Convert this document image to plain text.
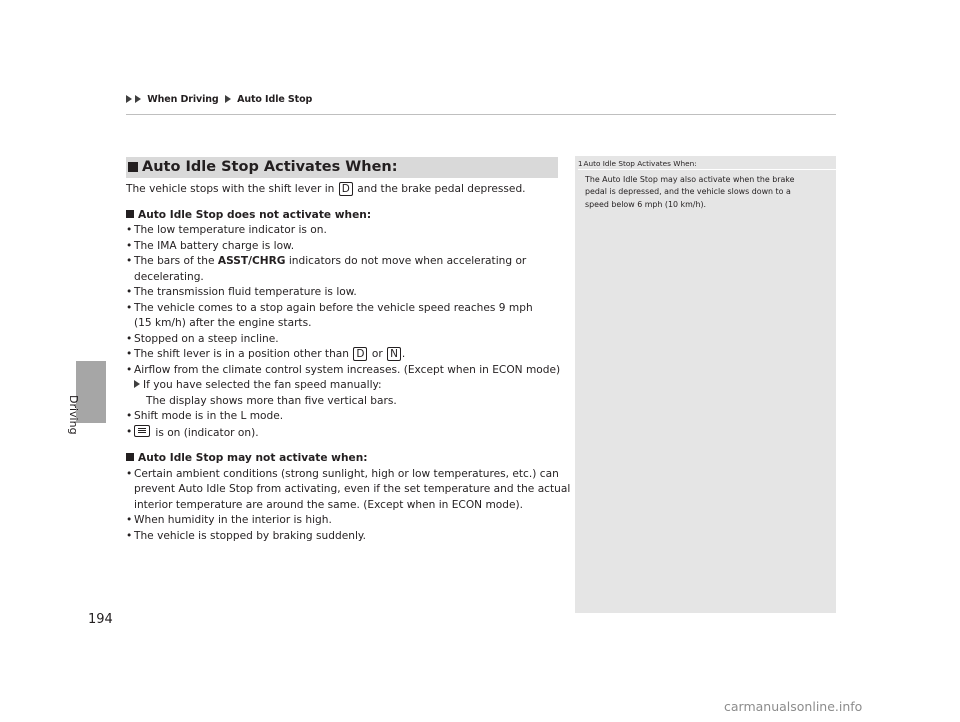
When Driving Auto Idle Stop
Driving
194
Auto Idle Stop Activates When:
The vehicle stops with the shift lever in D and the brake pedal depressed.
Auto Idle Stop does not activate when:
• The low temperature indicator is on.
• The IMA battery charge is low.
• The bars of the ASST/CHRG indicators do not move when accelerating or
decelerating.
• The transmission fluid temperature is low.
• The vehicle comes to a stop again before the vehicle speed reaches 9 mph
(15 km/h) after the engine starts.
• Stopped on a steep incline.
• The shift lever is in a position other than D or N .
• Airflow from the climate control system increases. (Except when in ECON mode)
If you have selected the fan speed manually:
The display shows more than five vertical bars.
• Shift mode is in the L mode.
• is on (indicator on).
Auto Idle Stop may not activate when:
• Certain ambient conditions (strong sunlight, high or low temperatures, etc.) can
prevent Auto Idle Stop from activating, even if the set temperature and the actual
interior temperature are around the same. (Except when in ECON mode).
• When humidity in the interior is high.
• The vehicle is stopped by braking suddenly.
1Auto Idle Stop Activates When:
The Auto Idle Stop may also activate when the brake
pedal is depressed, and the vehicle slows down to a
speed below 6 mph (10 km/h).
carmanualsonline.info
